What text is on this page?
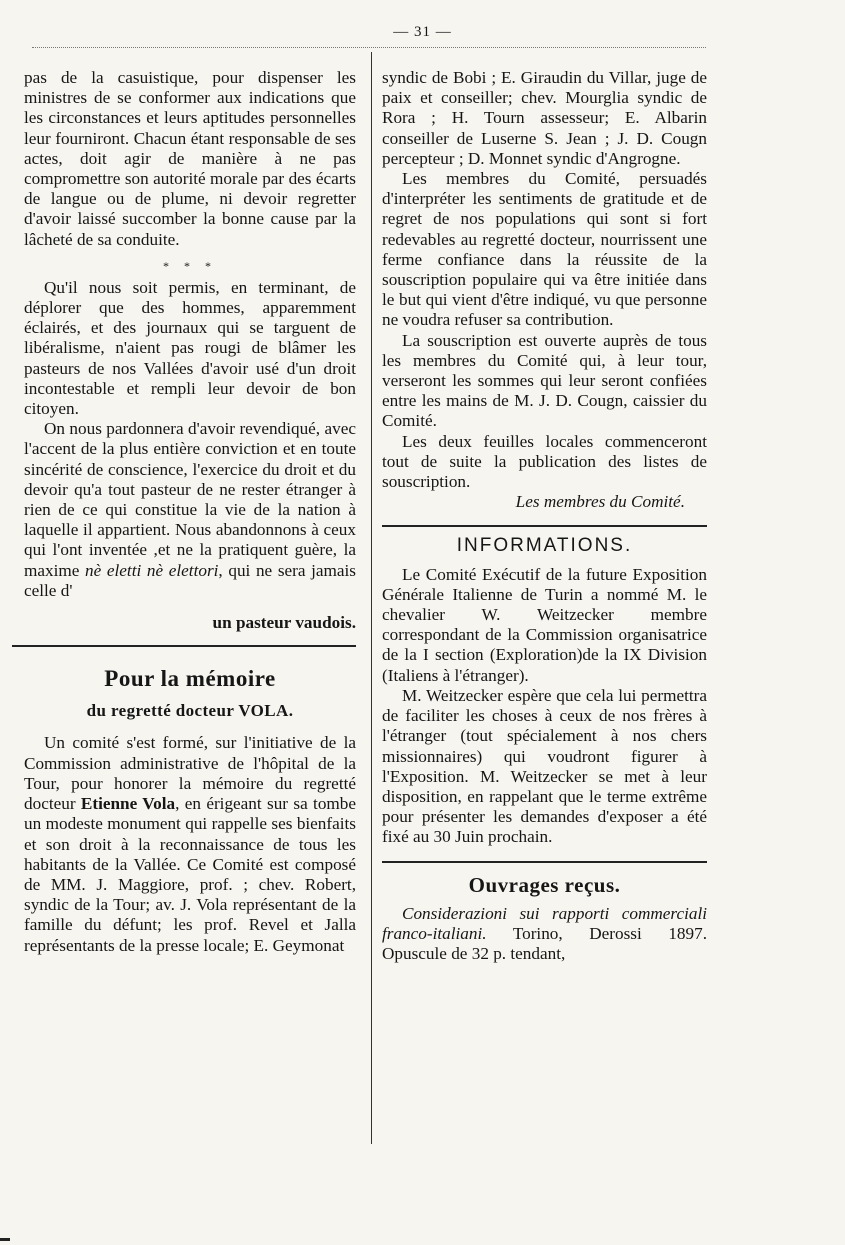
— 31 —

pas de la casuistique, pour dispenser les ministres de se conformer aux indications que les circonstances et leurs aptitudes personnelles leur fourniront. Chacun étant responsable de ses actes, doit agir de manière à ne pas compromettre son autorité morale par des écarts de langue ou de plume, ni devoir regretter d'avoir laissé succomber la bonne cause par la lâcheté de sa conduite.

* * *

Qu'il nous soit permis, en terminant, de déplorer que des hommes, apparemment éclairés, et des journaux qui se targuent de libéralisme, n'aient pas rougi de blâmer les pasteurs de nos Vallées d'avoir usé d'un droit incontestable et rempli leur devoir de bon citoyen.

On nous pardonnera d'avoir revendiqué, avec l'accent de la plus entière conviction et en toute sincérité de conscience, l'exercice du droit et du devoir qu'a tout pasteur de ne rester étranger à rien de ce qui constitue la vie de la nation à laquelle il appartient. Nous abandonnons à ceux qui l'ont inventée ,et ne la pratiquent guère, la maxime nè eletti nè elettori, qui ne sera jamais celle d'

un pasteur vaudois.

Pour la mémoire
du regretté docteur VOLA.

Un comité s'est formé, sur l'initiative de la Commission administrative de l'hôpital de la Tour, pour honorer la mémoire du regretté docteur Etienne Vola, en érigeant sur sa tombe un modeste monument qui rappelle ses bienfaits et son droit à la reconnaissance de tous les habitants de la Vallée. Ce Comité est composé de MM. J. Maggiore, prof. ; chev. Robert, syndic de la Tour; av. J. Vola représentant de la famille du défunt; les prof. Revel et Jalla représentants de la presse locale; E. Geymonat

syndic de Bobi ; E. Giraudin du Villar, juge de paix et conseiller; chev. Mourglia syndic de Rora ; H. Tourn assesseur; E. Albarin conseiller de Luserne S. Jean ; J. D. Cougn percepteur ; D. Monnet syndic d'Angrogne.

Les membres du Comité, persuadés d'interpréter les sentiments de gratitude et de regret de nos populations qui sont si fort redevables au regretté docteur, nourrissent une ferme confiance dans la réussite de la souscription populaire qui va être initiée dans le but qui vient d'être indiqué, vu que personne ne voudra refuser sa contribution.

La souscription est ouverte auprès de tous les membres du Comité qui, à leur tour, verseront les sommes qui leur seront confiées entre les mains de M. J. D. Cougn, caissier du Comité.

Les deux feuilles locales commenceront tout de suite la publication des listes de souscription.

Les membres du Comité.

INFORMATIONS.

Le Comité Exécutif de la future Exposition Générale Italienne de Turin a nommé M. le chevalier W. Weitzecker membre correspondant de la Commission organisatrice de la I section (Exploration)de la IX Division (Italiens à l'étranger).

M. Weitzecker espère que cela lui permettra de faciliter les choses à ceux de nos frères à l'étranger (tout spécialement à nos chers missionnaires) qui voudront figurer à l'Exposition. M. Weitzecker se met à leur disposition, en rappelant que le terme extrême pour présenter les demandes d'exposer a été fixé au 30 Juin prochain.

Ouvrages reçus.

Considerazioni sui rapporti commerciali franco-italiani. Torino, Derossi 1897. Opuscule de 32 p. tendant,
